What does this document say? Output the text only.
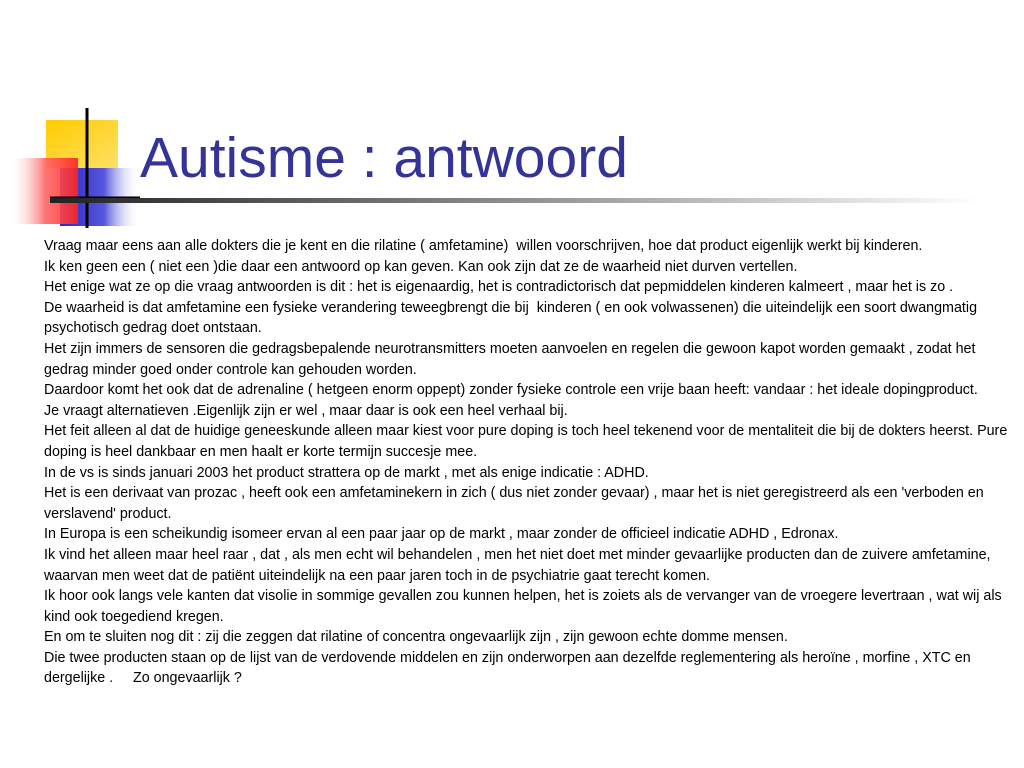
Autisme : antwoord

Vraag maar eens aan alle dokters die je kent en die rilatine ( amfetamine)  willen voorschrijven, hoe dat product eigenlijk werkt bij kinderen.

Ik ken geen een ( niet een )die daar een antwoord op kan geven. Kan ook zijn dat ze de waarheid niet durven vertellen.

Het enige wat ze op die vraag antwoorden is dit : het is eigenaardig, het is contradictorisch dat pepmiddelen kinderen kalmeert , maar het is zo .

De waarheid is dat amfetamine een fysieke verandering teweegbrengt die bij  kinderen ( en ook volwassenen) die uiteindelijk een soort dwangmatig psychotisch gedrag doet ontstaan.

Het zijn immers de sensoren die gedragsbepalende neurotransmitters moeten aanvoelen en regelen die gewoon kapot worden gemaakt , zodat het gedrag minder goed onder controle kan gehouden worden.

Daardoor komt het ook dat de adrenaline ( hetgeen enorm oppept) zonder fysieke controle een vrije baan heeft: vandaar : het ideale dopingproduct.

Je vraagt alternatieven .Eigenlijk zijn er wel , maar daar is ook een heel verhaal bij.

Het feit alleen al dat de huidige geneeskunde alleen maar kiest voor pure doping is toch heel tekenend voor de mentaliteit die bij de dokters heerst. Pure doping is heel dankbaar en men haalt er korte termijn succesje mee.

In de vs is sinds januari 2003 het product strattera op de markt , met als enige indicatie : ADHD.

Het is een derivaat van prozac , heeft ook een amfetaminekern in zich ( dus niet zonder gevaar) , maar het is niet geregistreerd als een 'verboden en verslavend' product.

In Europa is een scheikundig isomeer ervan al een paar jaar op de markt , maar zonder de officieel indicatie ADHD , Edronax.

Ik vind het alleen maar heel raar , dat , als men echt wil behandelen , men het niet doet met minder gevaarlijke producten dan de zuivere amfetamine, waarvan men weet dat de patiënt uiteindelijk na een paar jaren toch in de psychiatrie gaat terecht komen.

Ik hoor ook langs vele kanten dat visolie in sommige gevallen zou kunnen helpen, het is zoiets als de vervanger van de vroegere levertraan , wat wij als kind ook toegediend kregen.

En om te sluiten nog dit : zij die zeggen dat rilatine of concentra ongevaarlijk zijn , zijn gewoon echte domme mensen.

Die twee producten staan op de lijst van de verdovende middelen en zijn onderworpen aan dezelfde reglementering als heroïne , morfine , XTC en dergelijke .     Zo ongevaarlijk ?
